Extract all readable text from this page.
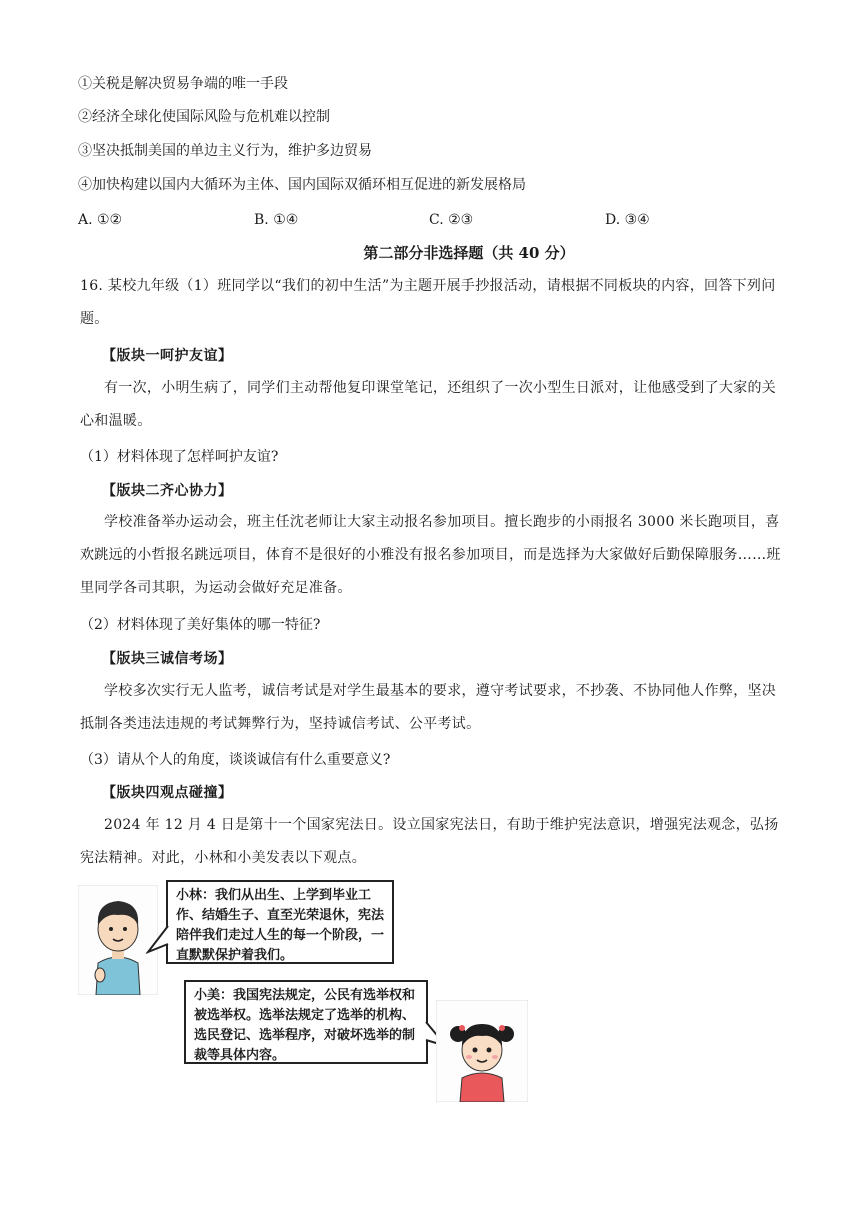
①关税是解决贸易争端的唯一手段
②经济全球化使国际风险与危机难以控制
③坚决抵制美国的单边主义行为，维护多边贸易
④加快构建以国内大循环为主体、国内国际双循环相互促进的新发展格局
A. ①②	B. ①④	C. ②③	D. ③④
第二部分非选择题（共 40 分）
16. 某校九年级（1）班同学以“我们的初中生活”为主题开展手抄报活动，请根据不同板块的内容，回答下列问题。
【版块一呵护友谊】
有一次，小明生病了，同学们主动帮他复印课堂笔记，还组织了一次小型生日派对，让他感受到了大家的关心和温暖。
（1）材料体现了怎样呵护友谊?
【版块二齐心协力】
学校准备举办运动会，班主任沈老师让大家主动报名参加项目。擅长跑步的小雨报名 3000 米长跑项目，喜欢跳远的小哲报名跳远项目，体育不是很好的小雅没有报名参加项目，而是选择为大家做好后勤保障服务……班里同学各司其职，为运动会做好充足准备。
（2）材料体现了美好集体的哪一特征?
【版块三诚信考场】
学校多次实行无人监考，诚信考试是对学生最基本的要求，遵守考试要求，不抄袭、不协同他人作弊，坚决抵制各类违法违规的考试舞弊行为，坚持诚信考试、公平考试。
（3）请从个人的角度，谈谈诚信有什么重要意义?
【版块四观点碰撞】
2024 年 12 月 4 日是第十一个国家宪法日。设立国家宪法日，有助于维护宪法意识，增强宪法观念，弘扬宪法精神。对此，小林和小美发表以下观点。
小林：我们从出生、上学到毕业工作、结婚生子、直至光荣退休，宪法陪伴我们走过人生的每一个阶段，一直默默保护着我们。
小美：我国宪法规定，公民有选举权和被选举权。选举法规定了选举的机构、选民登记、选举程序，对破坏选举的制裁等具体内容。
